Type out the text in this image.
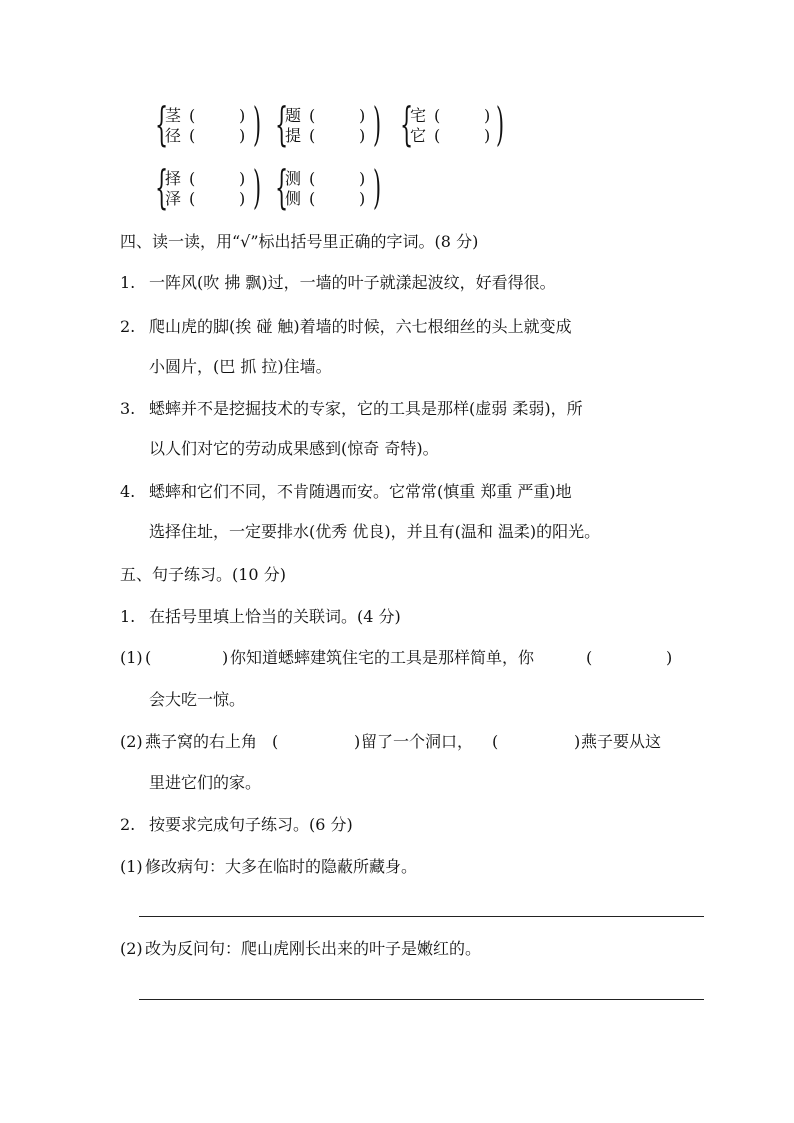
{
茎
径
(	)
(	) ) {
题
提
(	)
(	) ) {
宅
它
(	)
(	) )
{
择
泽
(	)
(	) ) {
测
侧
(	)
(	) )
四、读一读，用“√”标出括号里正确的字词。(8 分)
1. 一阵风(吹 拂 飘)过，一墙的叶子就漾起波纹，好看得很。
2. 爬山虎的脚(挨 碰 触)着墙的时候，六七根细丝的头上就变成
小圆片，(巴 抓 拉)住墙。
3. 蟋蟀并不是挖掘技术的专家，它的工具是那样(虚弱 柔弱)，所
以人们对它的劳动成果感到(惊奇 奇特)。
4. 蟋蟀和它们不同，不肯随遇而安。它常常(慎重 郑重 严重)地
选择住址，一定要排水(优秀 优良)，并且有(温和 温柔)的阳光。
五、句子练习。(10 分)
1. 在括号里填上恰当的关联词。(4 分)
(1) (	) 你知道蟋蟀建筑住宅的工具是那样简单，你	(	)
会大吃一惊。
(2) 燕子窝的右上角 (	) 留了一个洞口， (	) 燕子要从这
里进它们的家。
2. 按要求完成句子练习。(6 分)
(1) 修改病句：大多在临时的隐蔽所藏身。
(2) 改为反问句：爬山虎刚长出来的叶子是嫩红的。
